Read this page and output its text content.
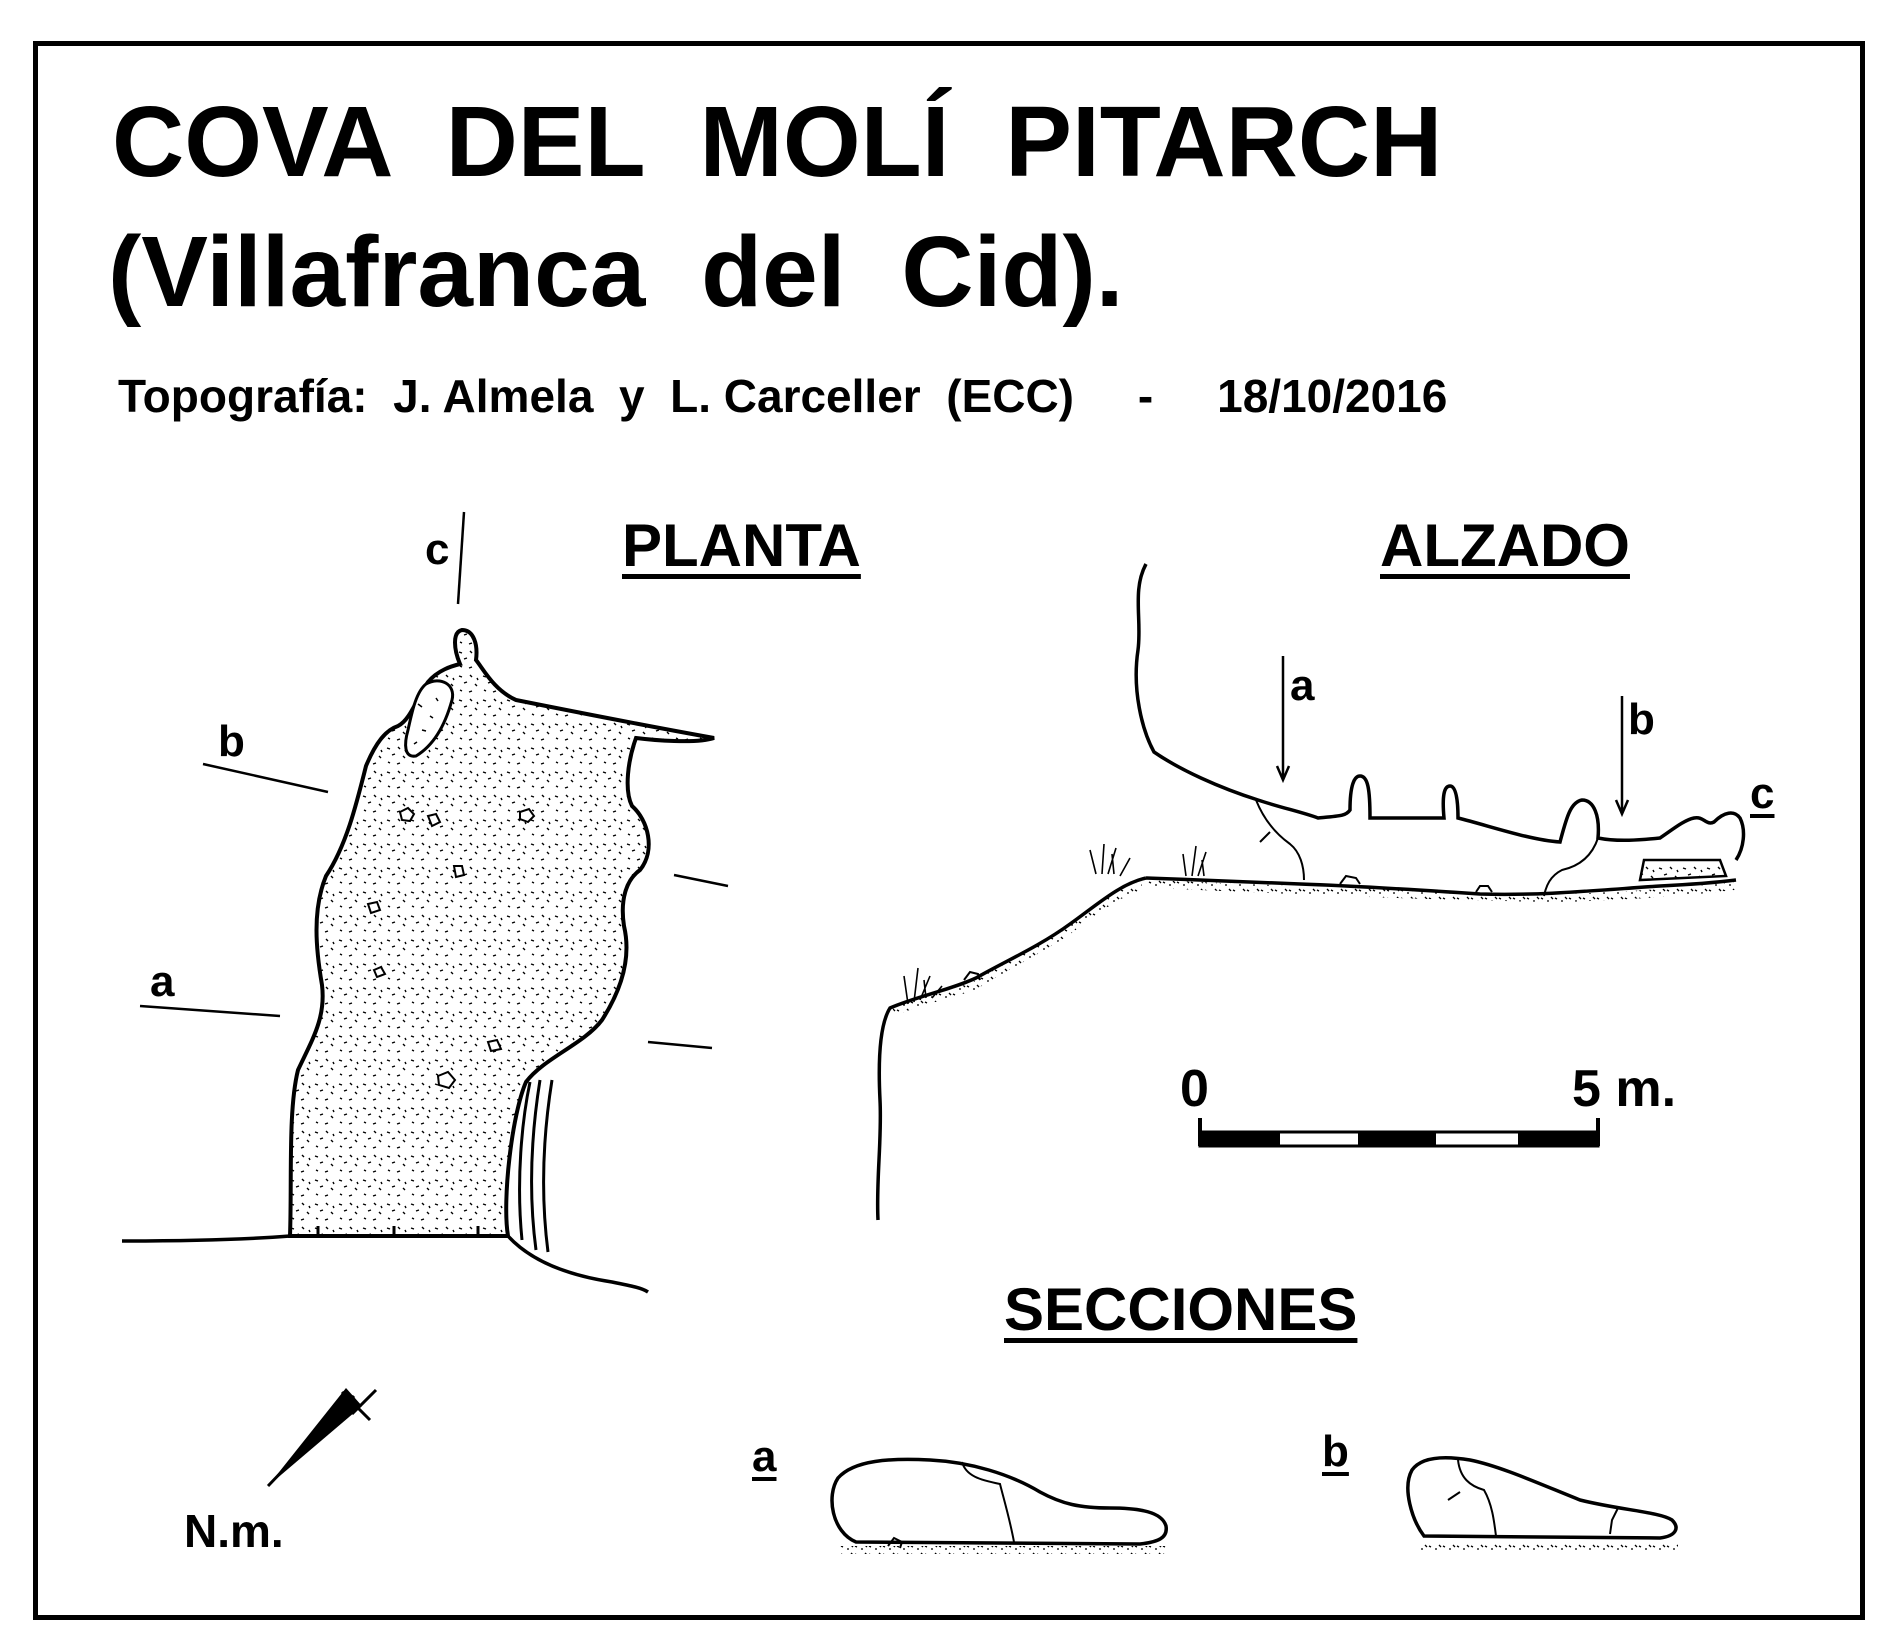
COVA DEL MOLÍ PITARCH
(Villafranca del Cid).
Topografía:  J. Almela  y  L. Carceller  (ECC)     -     18/10/2016
PLANTA	ALZADO
SECCIONES
c
b
a
a
b
c
a	b
0	5 m.
N.m.
